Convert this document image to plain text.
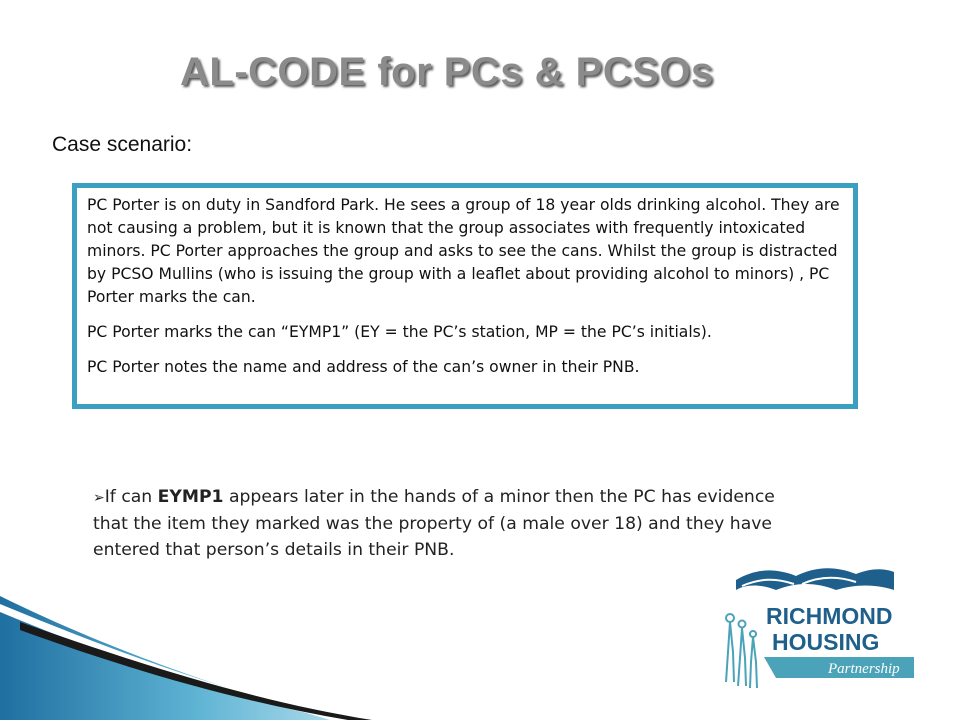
AL-CODE for PCs & PCSOs
Case scenario:

PC Porter is on duty in Sandford Park. He sees a group of 18 year olds drinking alcohol. They are not causing a problem, but it is known that the group associates with frequently intoxicated minors. PC Porter approaches the group and asks to see the cans. Whilst the group is distracted by PCSO Mullins (who is issuing the group with a leaflet about providing alcohol to minors) , PC Porter marks the can.

PC Porter marks the can “EYMP1” (EY = the PC’s station, MP = the PC’s initials).

PC Porter notes the name and address of the can’s owner in their PNB.

➢If can EYMP1 appears later in the hands of a minor then the PC has evidence that the item they marked was the property of (a male over 18) and they have entered that person’s details in their PNB.
RICHMOND
HOUSING
Partnership
